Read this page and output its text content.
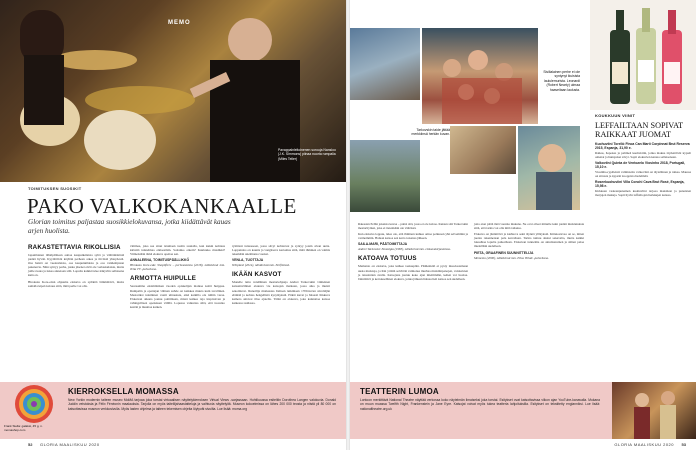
MEMO
Pavappalnleltoinenen sorouja Nansloo (J.K. Simmons) piinaa nuorta rumpalia (Miles Teller)
TOIMITUKSEN SUOSIKIT
PAKO VALKOKANKAALLE
Glorian toimitus paljastaa suosikkielokuvansa, jotka kiidättävät kauas arjen huolista.
RAKASTETTAVIA RIKOLLISIA
Japanilainen lähiöpiliiteen auttaa kaupunkilaista syitä ja välttämätöntä pientä hyvää. Kyydittävät köyhän perheen arkea ja tiiviistä yhteydestä. Osa heistä on vuokralaisia, osa kaupunkilaisia ja osa vanhempiaan pakenevia. Näin syntyy perhe, jonka jäsenet eivät ole verisukulaisia, mutta joille ruoka ja tukea annetaan silti. Lopulta kaikki tulee näkyviin sellaisena kuin on.
Hirokazu Kore-edan ohjaama elokuva on sydäntä lämmittävä, mutta samalla kipeä kuvaus siitä, mitä perhe voi olla.
vimmaa, joka saa sinut istumaan tuolin reunalla, kun kukin kohtaus kiristää tunnelmaa entisestään. Soitanko oikein? Kuuluuko musiikki? Viimeistään tämä elokuva opettaa sen.
ANNALEENA, TOIMITUSPÄÄLLIKKÖ
Hirokazu Kore-eda: Shoplifters – perheasiaisia (2018), nähtävissä mm. Telia TV -palvelussa.
ARMOTTA HUIPULLE
Seuraamme ensimmäisen vuoden opiskelijan matkaa kohti huippua. Rumpalin ja opettajan välinen suhde on kaikkea muuta kuin tavallinen. Mestariksi tuleminen vaatii uhrauksia, eikä kaikilla ole niihin varaa. Elokuvan aikana joutuu pohtimaan, missä kulkee raja inspiroivan ja vahingollisen opetuksen välillä. Lopussa vaikuttaa siltä, että tuotanto kestää ja muuttaa kaiken.
rytmissä tunteeseen, jossa sävyt kohtaavat ja syntyy jotain aivan uutta. Lopputulos on kaunis ja vangitseva kertomus siitä, mitä ihminen on valmis tekemään unelmansa vuoksi.
VENLA, TUOTTAJA
Whiplash (2014), nähtävissä mm. Netflixissä.
IKÄÄN KASVOT
Monelle tuttu venäläinen mestariohjaaja Andrei Tarkovskin viimeinen kansainvälinen elokuva vie katsojan matkaan, jossa aika ja muisti sekoittuvat. Runoilija matkustaa Italiaan tutkimaan 1700-luvun säveltäjän elämää ja kohtaa hengellisiä kysymyksiä. Pitkät kuvat ja hitaasti liikkuva kamera antavat tilaa ajatella. Tämä on elokuva, joka kannattaa katsoa kaikessa rauhassa.
Frank Stella: galaksi, 45 g, n. momashop.com
KIERROKSELLA MOMASSA
New Yorkin modernin taiteen museo MoMA tarjoaa joka torstai virtuaalisen näyttelykierroksen Virtual Views -sarjassaan. Huhtikuussa esiteltiin Dorothea Langen valokuvia. Donald Juddin veistoksia ja Félix Fénéonin maalauksia. Tarjolla on myös taiteilijahaastatteluja ja vaihtuvia näyttelyitä. Museon kokoelmissa on lähes 200 000 teosta ja niistä yli 80 000 on katsottavissa museon verkkosivulla. Myös lasten ohjelma ja taiteen tekemisen ohjeita löytyvät sivuilta. Lue lisää: moma.org
52 GLORIA MAALISKUU 2020
Sisilialainen perhe ei ole syntynyt ikuisista laululemurista. Leonardi (Robert Nearty) ulmaa haaveitaan laulusta.
Tarkovskin taide jättää merkkiinsä herkän kuvan.
KOUKKUUN VIINIT
LEFFAILTAAN SOPIVAT RAIKKAAT JUOMAT
Kuohuviini Torelló Finca Can Martí Corpinnat Brut Reserva 2015, Espanja, 31,90 e.
Raikas, hapokas ja pehmeä kuohuviini, jonka makua täydentävät kypsät omenat ja hunajaiset sävyt. Sopii elokuvien kanssa sellaisenaan.
Valkoviini Quinta de Ventozelo Viosinho 2018, Portugali, 15,10 e.
Viosinho-rypäleistä valmistettu valkoviini on täyteläinen ja raikas. Maussa on sitrusta ja kypsää trooppista hedelmää.
Roseekuohuviini Villa Conchi Cava Brut Rosé, Espanja, 15,98 e.
Kirkkaan vaaleanpunainen kuohuviini tarjoaa mansikan ja punaisten marjojen makuja. Sopii hyvin leffailtojen herkkujen kanssa.
Rakastan Pellin jokaista kuvaa – paitsi sitä, jossa ei ole kuvaa. Kutsun sitä Tarkovskin mestarityöksi, joka ei tietenkään ole väärässä.
Kun elokuva loppuu, tulee olo, että ihminen kulkee omaa polkuaan yhä selvemmin ja varmemmin. Haluan katsoa sen kerta toisensa jälkeen.
SAILA-MARI, PÄÄTOIMITTAJA
Andrei Tarkovski: Nostalgia (1983), nähtävissä mm. elokuvakirjastoissa.
KATOAVA TOTUUS
Memento on elokuva, joka kulkee taaksepäin. Päähenkilö ei pysty muodostamaan uusia muistoja, ja hän yrittää selvittää vaimonsa murhaa muistiinpanojen, valokuvien ja tatuointien avulla. Katsojana joutuu koko ajan miettimään, kehen voi luottaa. Jännittävä ja kerroksellinen elokuva, jonka jälkeen haluaa heti katsoa sen uudelleen.
joita aion pitää tänä vuonna mukana. Ne ovat olleet minulle kuin pieniä muistutuksia siitä, että tarina voi olla mitä tahansa.
Elokuva on jännittävä ja kiehtova sekä täynnä yllätyksiä. Kiinnostavaa on se, miten juonta rakennetaan pala kerrallaan. Tarina tuntuu aluksi sekavalta, mutta kaikki loksahtaa lopulta paikoilleen. Elokuvan tunnelma on ainutlaatuinen ja siihen palaa mielellään uudelleen.
PIETA, GRAAFINEN SUUNNITTELIJA
Memento (2000), nähtävissä mm. Elisa Viihde -palvelussa.
TEATTERIN LUMOA
Lontoon merkittävä National Theatre näyttää verkossa koko näytelmän ilmaiseksi joka torstai. Esitykset ovat katsottavissa viikon ajan YouTube-kanavalla. Mukana on muun muassa Twelfth Night, Frankenstein ja Jane Eyre. Katsojat voivat myös tukea teatteria lahjoituksilla. Esitykset on tekstitetty englanniksi. Lue lisää: nationaltheatre.org.uk
GLORIA MAALISKUU 2020 53
